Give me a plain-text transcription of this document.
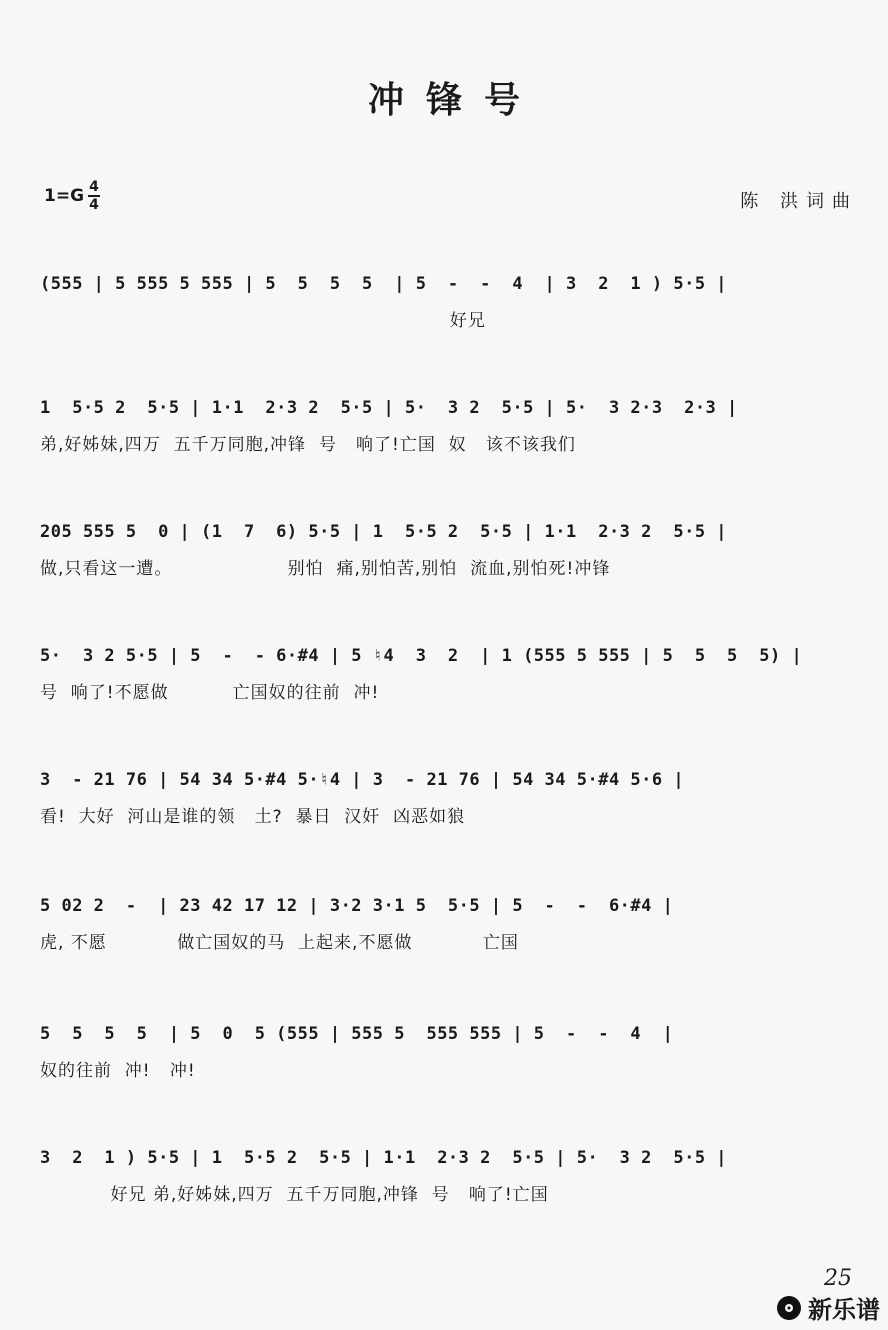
冲锋号
1=G 4
4	陈 洪词曲
(555 | 5 555 5 555 | 5  5  5  5  | 5  -  -  4  | 3  2  1 ) 5·5 |
好兄
1  5·5 2  5·5 | 1·1  2·3 2  5·5 | 5·  3 2  5·5 | 5·  3 2·3  2·3 |
弟,好姊妹,四万  五千万同胞,冲锋  号   响了!亡国  奴   该不该我们
205 555 5  0 | (1  7  6) 5·5 | 1  5·5 2  5·5 | 1·1  2·3 2  5·5 |
做,只看这一遭。                  别怕  痛,别怕苦,别怕  流血,别怕死!冲锋
5·  3 2 5·5 | 5  -  - 6·#4 | 5 ♮4  3  2  | 1 (555 5 555 | 5  5  5  5) |
号  响了!不愿做          亡国奴的往前  冲!
3  - 21 76 | 54 34 5·#4 5·♮4 | 3  - 21 76 | 54 34 5·#4 5·6 |
看!  大好  河山是谁的领   土?  暴日  汉奸  凶恶如狼
5 02 2  -  | 23 42 17 12 | 3·2 3·1 5  5·5 | 5  -  -  6·#4 |
虎, 不愿           做亡国奴的马  上起来,不愿做           亡国
5  5  5  5  | 5  0  5 (555 | 555 5  555 555 | 5  -  -  4  |
奴的往前  冲!   冲!
3  2  1 ) 5·5 | 1  5·5 2  5·5 | 1·1  2·3 2  5·5 | 5·  3 2  5·5 |
好兄 弟,好姊妹,四万  五千万同胞,冲锋  号   响了!亡国
25
新乐谱
